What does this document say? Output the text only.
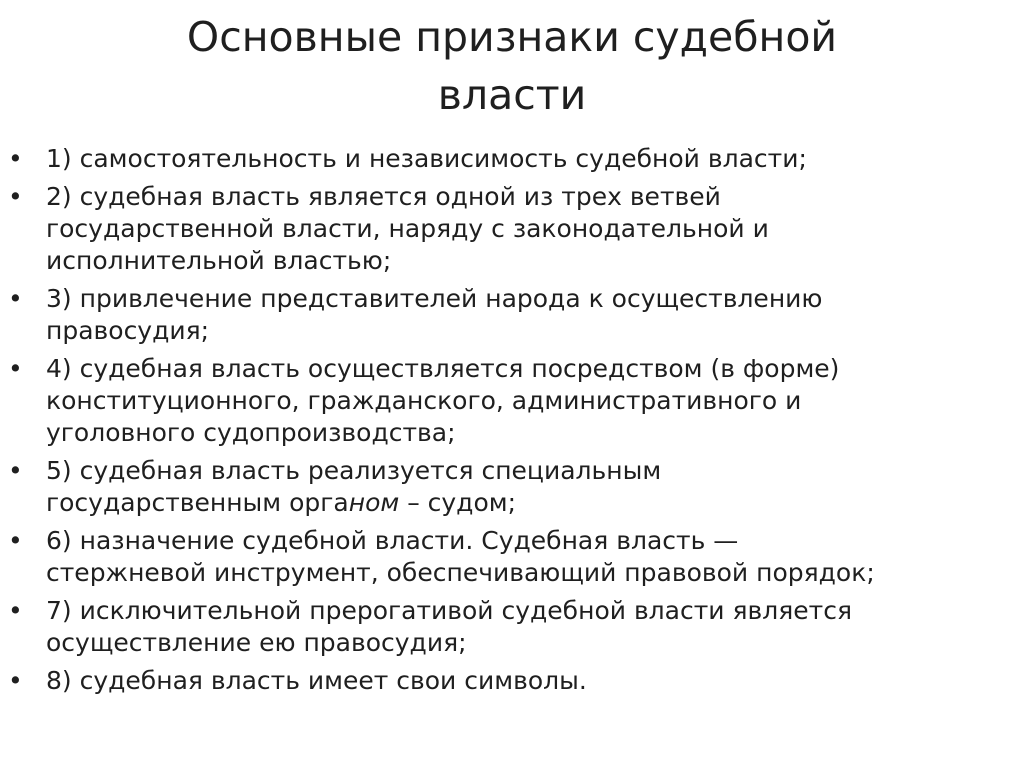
Основные признаки судебной
власти
• 1) самостоятельность и независимость судебной власти;
• 2) судебная власть является одной из трех ветвей
государственной власти, наряду с законодательной и
исполнительной властью;
• 3) привлечение представителей народа к осуществлению
правосудия;
• 4) судебная власть осуществляется посредством (в форме)
конституционного, гражданского, административного и
уголовного судопроизводства;
• 5) судебная власть реализуется специальным
государственным органом – судом;
• 6) назначение судебной власти. Судебная власть —
стержневой инструмент, обеспечивающий правовой порядок;
• 7) исключительной прерогативой судебной власти является
осуществление ею правосудия;
• 8) судебная власть имеет свои символы.
